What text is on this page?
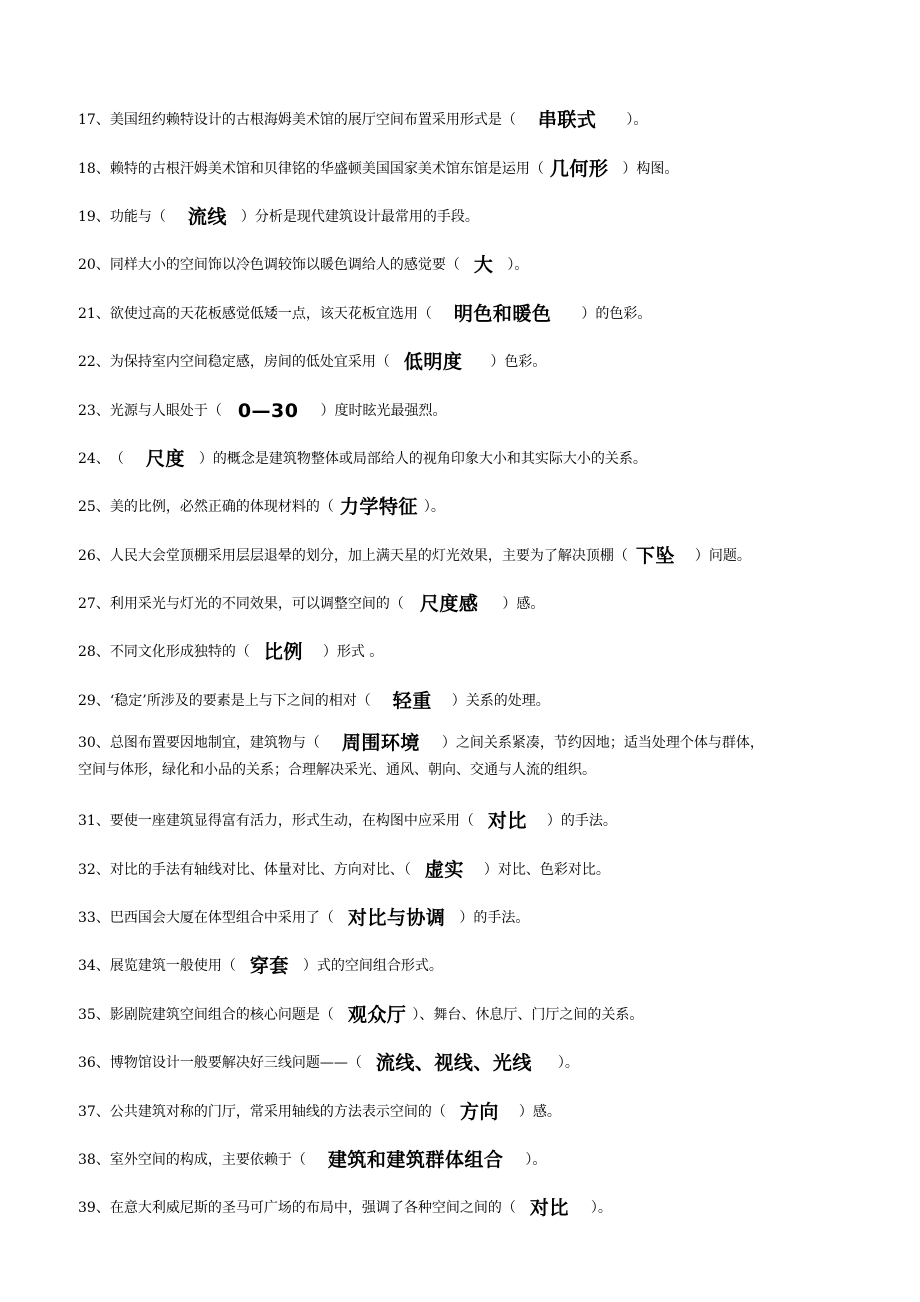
17、 美国纽约赖特设计的古根海姆美术馆的展厅空间布置采用形式是（	串联式	）。
18、 赖特的古根汗姆美术馆和贝律铭的华盛顿美国国家美术馆东馆是运用（ 几何形	）构图。
19、 功能与（	流线	）分析是现代建筑设计最常用的手段。
20、 同样大小的空间饰以冷色调较饰以暖色调给人的感觉要（ 大	）。
21、 欲使过高的天花板感觉低矮一点，该天花板宜选用（	明色和暖色	）的色彩。
22、 为保持室内空间稳定感，房间的低处宜采用（ 低明度	）色彩。
23、 光源与人眼处于（ 0—30	）度时眩光最强烈。
24、 （	尺度	）的概念是建筑物整体或局部给人的视角印象大小和其实际大小的关系。
25、 美的比例，必然正确的体现材料的（ 力学特征 ）。
26、 人民大会堂顶棚采用层层退晕的划分，加上满天星的灯光效果，主要为了解决顶棚（ 下坠	）问题。
27、 利用采光与灯光的不同效果，可以调整空间的（ 尺度感	）感。
28、 不同文化形成独特的（ 比例	）形式 。
29、 ‘稳定’所涉及的要素是上与下之间的相对（	轻重	）关系的处理。
30、 总图布置要因地制宜，建筑物与（	周围环境	）之间关系紧凑，节约因地；适当处理个体与群体，
空间与体形，绿化和小品的关系；合理解决采光、通风、朝向、交通与人流的组织。
31、 要使一座建筑显得富有活力，形式生动，在构图中应采用（ 对比	）的手法。
32、 对比的手法有轴线对比、体量对比、方向对比、（ 虚实	）对比、色彩对比。
33、 巴西国会大厦在体型组合中采用了（ 对比与协调	）的手法。
34、 展览建筑一般使用（ 穿套	）式的空间组合形式。
35、 影剧院建筑空间组合的核心问题是（ 观众厅 ）、舞台、休息厅、门厅之间的关系。
36、 博物馆设计一般要解决好三线问题——（ 流线、视线、光线	）。
37、 公共建筑对称的门厅，常采用轴线的方法表示空间的（ 方向	）感。
38、 室外空间的构成，主要依赖于（	建筑和建筑群体组合	）。
39、 在意大利威尼斯的圣马可广场的布局中，强调了各种空间之间的（ 对比	）。
